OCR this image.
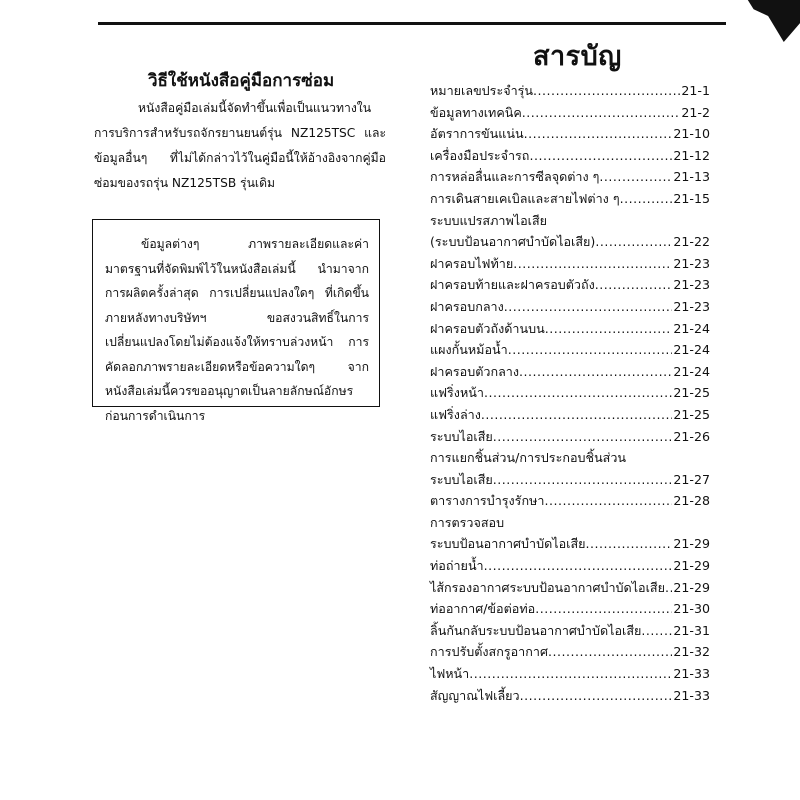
สารบัญ
วิธีใช้หนังสือคู่มือการซ่อม

หนังสือคู่มือเล่มนี้จัดทำขึ้นเพื่อเป็นแนวทางในการบริการสำหรับรถจักรยานยนต์รุ่น NZ125TSC และข้อมูลอื่นๆ ที่ไม่ได้กล่าวไว้ในคู่มือนี้ให้อ้างอิงจากคู่มือซ่อมของรถรุ่น NZ125TSB รุ่นเดิม

ข้อมูลต่างๆ ภาพรายละเอียดและค่ามาตรฐานที่จัดพิมพ์ไว้ในหนังสือเล่มนี้ นำมาจากการผลิตครั้งล่าสุด การเปลี่ยนแปลงใดๆ ที่เกิดขึ้นภายหลังทางบริษัทฯ ขอสงวนสิทธิ์ในการเปลี่ยนแปลงโดยไม่ต้องแจ้งให้ทราบล่วงหน้า การคัดลอกภาพรายละเอียดหรือข้อความใดๆ จากหนังสือเล่มนี้ควรขออนุญาตเป็นลายลักษณ์อักษรก่อนการดำเนินการ

หมายเลขประจำรุ่น .....	21-1
ข้อมูลทางเทคนิค .....	21-2
อัตราการขันแน่น .....	21-10
เครื่องมือประจำรถ .....	21-12
การหล่อลื่นและการซีลจุดต่าง ๆ .....	21-13
การเดินสายเคเบิลและสายไฟต่าง ๆ .....	21-15
ระบบแปรสภาพไอเสีย
(ระบบป้อนอากาศบำบัดไอเสีย) .....	21-22
ฝาครอบไฟท้าย .....	21-23
ฝาครอบท้ายและฝาครอบตัวถัง .....	21-23
ฝาครอบกลาง .....	21-23
ฝาครอบตัวถังด้านบน .....	21-24
แผงกั้นหม้อน้ำ .....	21-24
ฝาครอบตัวกลาง .....	21-24
แฟริ่งหน้า .....	21-25
แฟริ่งล่าง .....	21-25
ระบบไอเสีย .....	21-26
การแยกชิ้นส่วน/การประกอบชิ้นส่วน
ระบบไอเสีย .....	21-27
ตารางการบำรุงรักษา .....	21-28
การตรวจสอบ
ระบบป้อนอากาศบำบัดไอเสีย .....	21-29
ท่อถ่ายน้ำ .....	21-29
ไส้กรองอากาศระบบป้อนอากาศบำบัดไอเสีย ..... 21-29
ท่ออากาศ/ข้อต่อท่อ .....	21-30
ลิ้นกันกลับระบบป้อนอากาศบำบัดไอเสีย .....	21-31
การปรับตั้งสกรูอากาศ .....	21-32
ไฟหน้า .....	21-33
สัญญาณไฟเลี้ยว .....	21-33
